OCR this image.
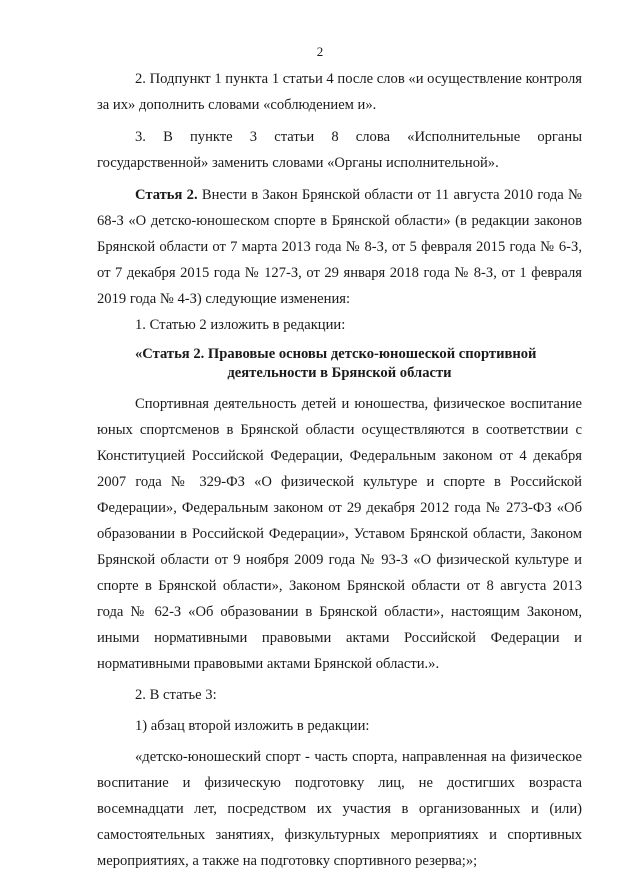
2

2. Подпункт 1 пункта 1 статьи 4 после слов «и осуществление контроля за их» дополнить словами «соблюдением и».

3. В пункте 3 статьи 8 слова «Исполнительные органы государственной» заменить словами «Органы исполнительной».

Статья 2. Внести в Закон Брянской области от 11 августа 2010 года № 68-З «О детско-юношеском спорте в Брянской области» (в редакции законов Брянской области от 7 марта 2013 года № 8-З, от 5 февраля 2015 года № 6-З, от 7 декабря 2015 года № 127-З, от 29 января 2018 года № 8-З, от 1 февраля 2019 года № 4-З) следующие изменения:

1. Статью 2 изложить в редакции:

«Статья 2. Правовые основы детско-юношеской спортивной
деятельности в Брянской области

Спортивная деятельность детей и юношества, физическое воспитание юных спортсменов в Брянской области осуществляются в соответствии с Конституцией Российской Федерации, Федеральным законом от 4 декабря 2007 года № 329-ФЗ «О физической культуре и спорте в Российской Федерации», Федеральным законом от 29 декабря 2012 года № 273-ФЗ «Об образовании в Российской Федерации», Уставом Брянской области, Законом Брянской области от 9 ноября 2009 года № 93-З «О физической культуре и спорте в Брянской области», Законом Брянской области от 8 августа 2013 года № 62-З «Об образовании в Брянской области», настоящим Законом, иными нормативными правовыми актами Российской Федерации и нормативными правовыми актами Брянской области.».

2. В статье 3:

1) абзац второй изложить в редакции:

«детско-юношеский спорт - часть спорта, направленная на физическое воспитание и физическую подготовку лиц, не достигших возраста восемнадцати лет, посредством их участия в организованных и (или) самостоятельных занятиях, физкультурных мероприятиях и спортивных мероприятиях, а также на подготовку спортивного резерва;»;
